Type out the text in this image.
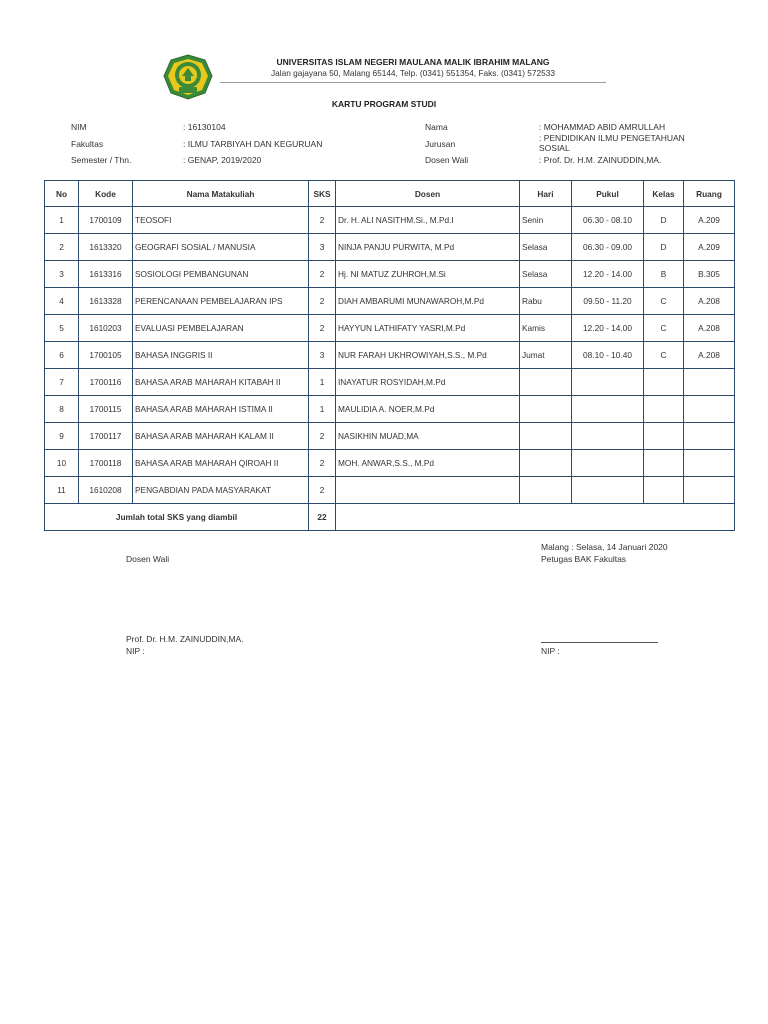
UNIVERSITAS ISLAM NEGERI MAULANA MALIK IBRAHIM MALANG
Jalan gajayana 50, Malang 65144, Telp. (0341) 551354, Faks. (0341) 572533
KARTU PROGRAM STUDI
NIM	: 16130104
Fakultas	: ILMU TARBIYAH DAN KEGURUAN
Semester / Thn.	: GENAP, 2019/2020
Nama	: MOHAMMAD ABID AMRULLAH
Jurusan
: PENDIDIKAN ILMU PENGETAHUAN
SOSIAL
Dosen Wali	: Prof. Dr. H.M. ZAINUDDIN,MA.
No	Kode	Nama Matakuliah	SKS	Dosen	Hari	Pukul	Kelas	Ruang
1	1700109	TEOSOFI	2	Dr. H. ALI NASITHM.Si., M.Pd.I	Senin	06.30 - 08.10	D	A.209
2	1613320	GEOGRAFI SOSIAL / MANUSIA	3	NINJA PANJU PURWITA, M.Pd	Selasa	06.30 - 09.00	D	A.209
3	1613316	SOSIOLOGI PEMBANGUNAN	2	Hj. NI MATUZ ZUHROH,M.Si	Selasa	12.20 - 14.00	B	B.305
4	1613328	PERENCANAAN PEMBELAJARAN IPS	2	DIAH AMBARUMI MUNAWAROH,M.Pd	Rabu	09.50 - 11.20	C	A.208
5	1610203	EVALUASI PEMBELAJARAN	2	HAYYUN LATHIFATY YASRI,M.Pd	Kamis	12.20 - 14.00	C	A.208
6	1700105	BAHASA INGGRIS II	3	NUR FARAH UKHROWIYAH,S.S., M.Pd	Jumat	08.10 - 10.40	C	A.208
7	1700116	BAHASA ARAB MAHARAH KITABAH II	1	INAYATUR ROSYIDAH,M.Pd				
8	1700115	BAHASA ARAB MAHARAH ISTIMA II	1	MAULIDIA A. NOER,M.Pd				
9	1700117	BAHASA ARAB MAHARAH KALAM II	2	NASIKHIN MUAD,MA				
10	1700118	BAHASA ARAB MAHARAH QIROAH II	2	MOH. ANWAR,S.S., M.Pd				
11	1610208	PENGABDIAN PADA MASYARAKAT	2					
Jumlah total SKS yang diambil			22					
Dosen Wali
Prof. Dr. H.M. ZAINUDDIN,MA.
NIP :
Malang : Selasa, 14 Januari 2020
Petugas BAK Fakultas
NIP :
